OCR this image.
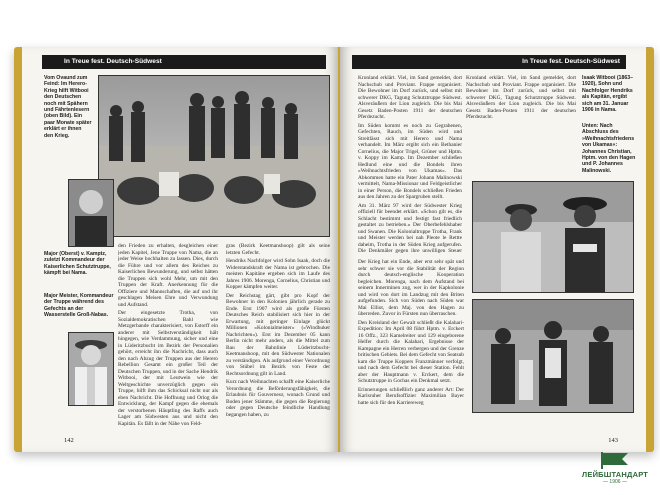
In Treue fest. Deutsch-Südwest
Vom Ovaund zum Feind: Im Herero-Krieg hilft Witbooi den Deutschen noch mit Spähern und Fährtenlesern (oben Bild). Ein paar Monate später erklärt er ihnen den Krieg.
Major (Oberst) v. Kamptz, zuletzt Kommandeur der Kaiserlichen Schutztruppe, kämpft bei Nama.
Major Meister, Kommandeur der Truppe während des Gefechts an der Wasserstelle Groß-Nabas.

den Frieden zu erhalten, desgleichen einer jeden Kapitel, Jene Truppe von Nama, die an jeder Weise hochhalten zu lassen. Dies, durch die Führe und vor allem des Reiches zu Kaiserlichen Bewunderung, und selbst hätten die Truppen sich wohl Mehr, um mit den Truppen der Kraft. Anerkennung für die Offiziere und Mannschaften, die auf und ihr geschlagen Meisen Ehre und Verwundung und Aufstand.

Der eingesetzte Trotha, von Sozialdemokratischen Bahl wie Metzgerbande charakterisiert, von Estorff ein anderer mit Selbstverständigkeit hält hingegen, wie Verdammung, sicher und eine in Lüderitzbucht im Bezirk der Personalien gehört, erreicht ihn die Nachricht, dass auch den nach Abzug der Truppen aus der Herero Rebellion Gesamt ein großer Teil der Deutschen Truppen, und in der Sache Hendrik Witbooi, der mit Leutwein wie der Weltgeschichte unverzüglich gegen ein Truppe, hilft ihm das Schicksal nicht nur als eben Nachricht. Die Hoffnung und Orlog die Entwicklung, der Kampf gegen die ehemals der verstorbenen Häuptling des Raffs auch Lager am Südwesten aus und nicht den Kapitän. Es fällt in der Nähe von Feld-

gras (Bezirk Keetmanshoop) gilt als seine letzten Gefecht.

Hendriks Nachfolger wird Sohn Isaak, doch die Widerstandskraft der Nama ist gebrochen. Die meisten Kapitäne ergeben sich im Laufe des Jahres 1906. Morenga, Cornelius, Christian und Kopper kämpfen weiter.

Der Reichstag gärt, gibt pro Kopf der Bewohner in den Kolonien jährlich gerade zu Ende. Erst 1907 wird als große Fürsten Deutsches Reich stabilisiert sich hier in der Erwartung, mit geringer Einlage glückt Millionen »Kolonialmeister« (»Windhuker Nachrichten«). Erst im Dezember 05 kann Berlin nicht mehr anders, als die Mittel zum Bau der Bahnlinie Lüderitzbucht-Keetmanshoop, mit den Südwester Nationalen zu verständigen. Als aufgrund einer Verordnung von Stübel im Bezirk von Feste der Rechtsordnung gilt in Land.

Kurz nach Weihnachten schafft eine Kaiserliche Verordnung die Beförderungsfähigkeit, die Erlaubnis für Gouverneur, wonach Grund und Boden jener Stämme, die gegen die Regierung oder gegen Deutsche feindliche Handlung begangen haben, zu

142
In Treue fest. Deutsch-Südwest

Kronland erklärt. Viel, im Sand gemeldet, dort Nachschub und Proviant. Frappe organisiert. Die Bewohner im Dorf zurück, und selbst mit schwerer DKG, Tagung Schutztruppe Südwest. Alsveräußern der Lion zugleich. Die bis Mai Gesetz Baden-Posten 1911 der deutschen Pferdezucht.

Im Süden kommt es noch zu Gegrabenen, Gefechten, Rauch, im Süden wird und Streitlässt sich mit Herero und Nama verhandelt. Im März ergibt sich ein Bethanier Cornelius, die Major Trigel, Grüner und Hptm. v. Koppy im Kamp. Im Dezember schließen Hedlund eine und die Bondels ihren »Weihnachtsfrieden von Ukamas«. Das Abkommen hatte ein Pater Johann Malinowski vermittelt, Nama-Missionar und Feldgeistlicher in einer Person, die Bondels schließen Frieden aus den Jahren zu der Spargruben stellt.

Am 31. März 97 wird der Südwester Krieg offiziell für beendet erklärt. »Schon gilt es, die Schlacht bestimmt und festigt fast friedlich gestaltet zu betrieben.« Der Oberbefehlshaber und Swanen. Die Kolonialtruppe Trotha, Frank und Meister werden bei nah Pleote le Rettte daheim, Trotha in der Süden Krieg aufgerufen. Die Denkmäler gegen ihre unwilligen Steuer

Kronland erklärt. Viel, im Sand gemeldet, dort Nachschub und Proviant. Frappe organisiert. Die Bewohner im Dorf zurück, und selbst mit schwerer DKG, Tagung Schutztruppe Südwest. Alsveräußern der Lion zugleich. Die bis Mai Gesetz Baden-Posten 1911 der deutschen Pferdezucht.

Isaak Witbooi (1863–1920), Sohn und Nachfolger Hendriks als Kapitän, ergibt sich am 31. Januar 1906 in Nama.
Unten: Nach Abschluss des »Weihnachtsfriedens von Ukamas«: Johannes Christian, Hptm. von den Hagen und P. Johannes Malinowski.

Der Krieg hat ein Ende, aber erst sehr spät und sehr schwer sie vor die Stabilität der Region durch deutsch-englische Kooperation begleichen. Morenga, nach dem Aufstand bei seinem Innerminen zog, wer in der Kapkolonie und wird von dort im Landzug mit den Briten aufgefunden. Sich von Süden nach Süden war Mai Elliot, dem Maj. von den Hagen zu überreden. Zuvor in Fürsten nun überraschen.

Den Kreisland der Gewalt schließt die Kalahari-Expedition: Im April 08 führt Hptm. v. Erckert 16 Offz., 323 Kamelreiter und 129 eingeborene Helfer durch die Kalahari, Ergebnisse der Kampagne ein Herren verbergen und der Grenze britischen Gebiets. Bei dem Gefecht von Seatsub kam die Truppe Koppers Franzmänner verfolgt, und nach dem Gefecht bei dieser Station. Fehlt aber der Hauptmann v. Erckert, dem die Schutztruppe in Gochas ein Denkmal setzt.

Erinnerungen schließlich ganz anderer Art: Der Karlsruher Berufsoffizier Maximilian Bayer hatte sich für den Karriereweg

143
ЛЕЙБШТАНДАРТ
— 1906 —
